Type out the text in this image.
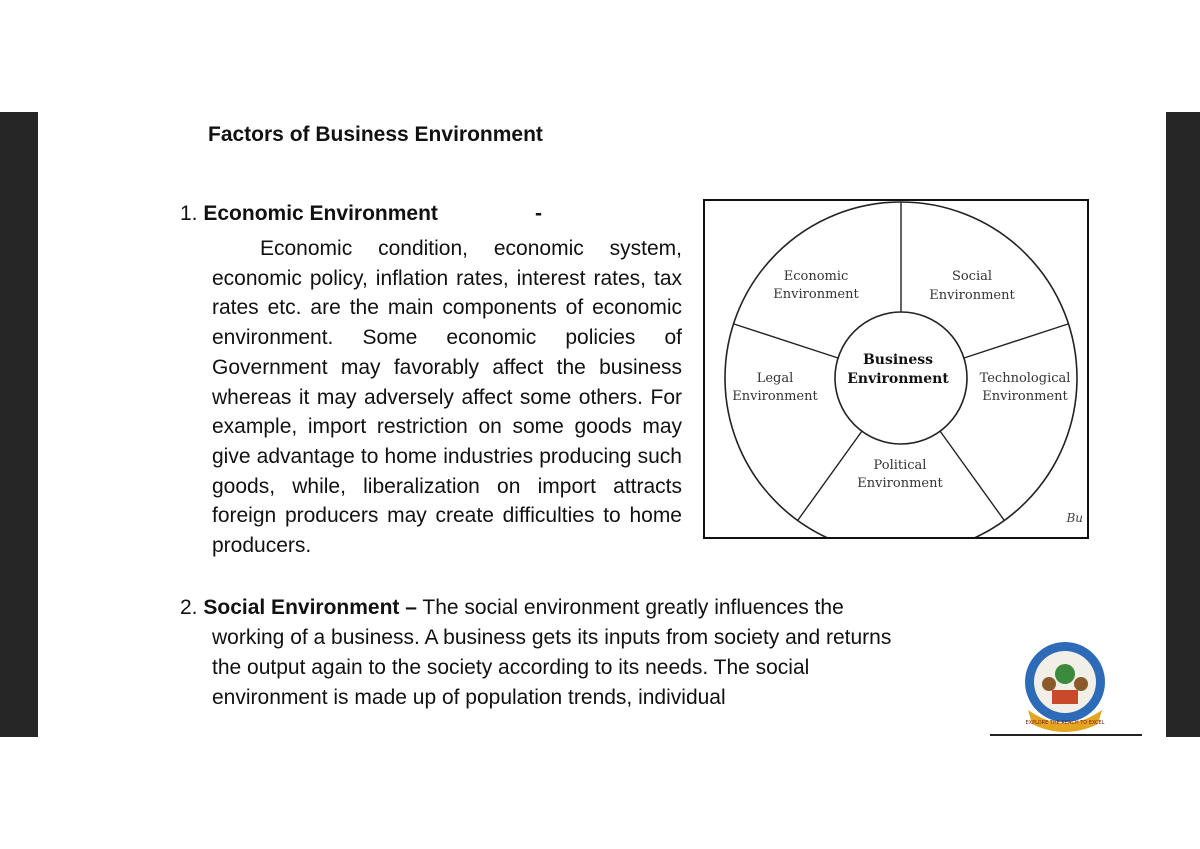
Factors of Business Environment
1. Economic Environment	-
Economic condition, economic system, economic policy, inflation rates, interest rates, tax rates etc. are the main components of economic environment. Some economic policies of Government may favorably affect the business whereas it may adversely affect some others. For example, import restriction on some goods may give advantage to home industries producing such goods, while, liberalization on import attracts foreign producers may create difficulties to home producers.
2. Social Environment – The social environment greatly influences the
working of a business. A business gets its inputs from society and returns the output again to the society according to its needs. The social environment is made up of population trends, individual
Business
Environment
Economic
Environment
Social
Environment
Technological
Environment
Political
Environment
Legal
Environment
Bu
EXPLORE THE REACH TO EXCEL
